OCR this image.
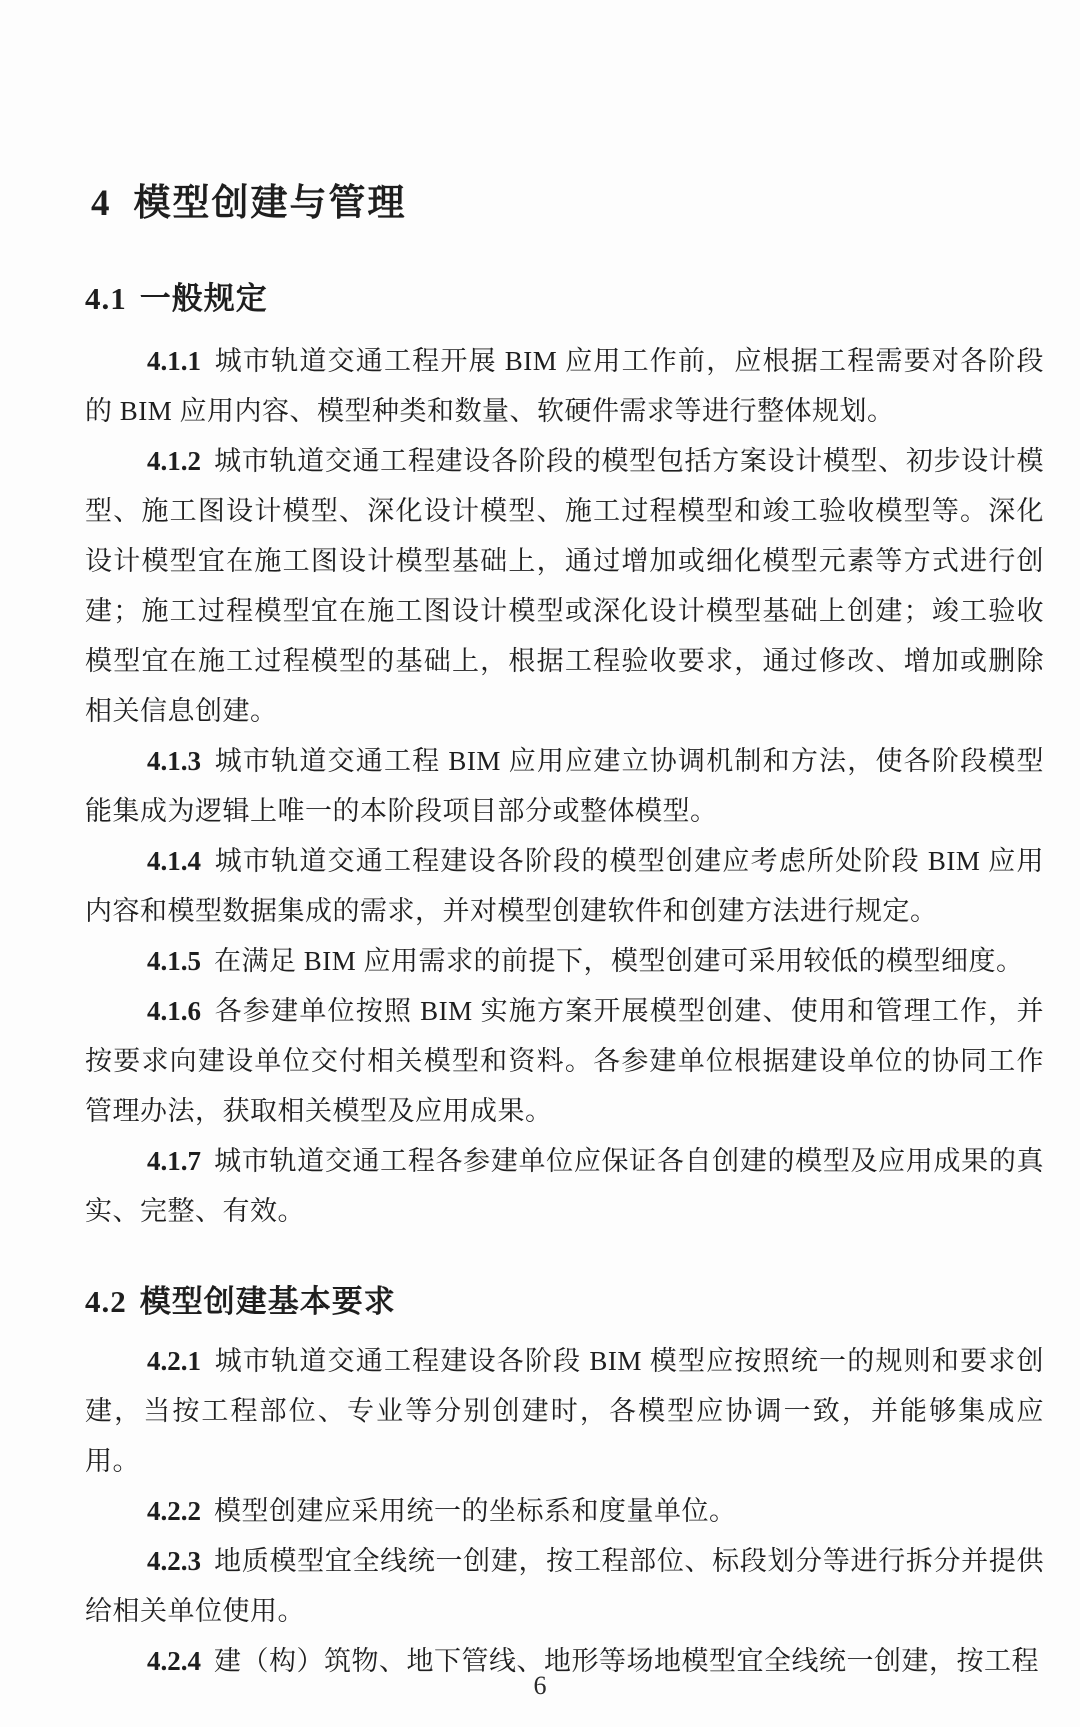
4 模型创建与管理
4.1 一般规定

4.1.1 城市轨道交通工程开展 BIM 应用工作前，应根据工程需要对各阶段的 BIM 应用内容、模型种类和数量、软硬件需求等进行整体规划。

4.1.2 城市轨道交通工程建设各阶段的模型包括方案设计模型、初步设计模型、施工图设计模型、深化设计模型、施工过程模型和竣工验收模型等。深化设计模型宜在施工图设计模型基础上，通过增加或细化模型元素等方式进行创建；施工过程模型宜在施工图设计模型或深化设计模型基础上创建；竣工验收模型宜在施工过程模型的基础上，根据工程验收要求，通过修改、增加或删除相关信息创建。

4.1.3 城市轨道交通工程 BIM 应用应建立协调机制和方法，使各阶段模型能集成为逻辑上唯一的本阶段项目部分或整体模型。

4.1.4 城市轨道交通工程建设各阶段的模型创建应考虑所处阶段 BIM 应用内容和模型数据集成的需求，并对模型创建软件和创建方法进行规定。

4.1.5 在满足 BIM 应用需求的前提下，模型创建可采用较低的模型细度。

4.1.6 各参建单位按照 BIM 实施方案开展模型创建、使用和管理工作，并按要求向建设单位交付相关模型和资料。各参建单位根据建设单位的协同工作管理办法，获取相关模型及应用成果。

4.1.7 城市轨道交通工程各参建单位应保证各自创建的模型及应用成果的真实、完整、有效。

4.2 模型创建基本要求

4.2.1 城市轨道交通工程建设各阶段 BIM 模型应按照统一的规则和要求创建，当按工程部位、专业等分别创建时，各模型应协调一致，并能够集成应用。

4.2.2 模型创建应采用统一的坐标系和度量单位。

4.2.3 地质模型宜全线统一创建，按工程部位、标段划分等进行拆分并提供给相关单位使用。

4.2.4 建（构）筑物、地下管线、地形等场地模型宜全线统一创建，按工程

6
